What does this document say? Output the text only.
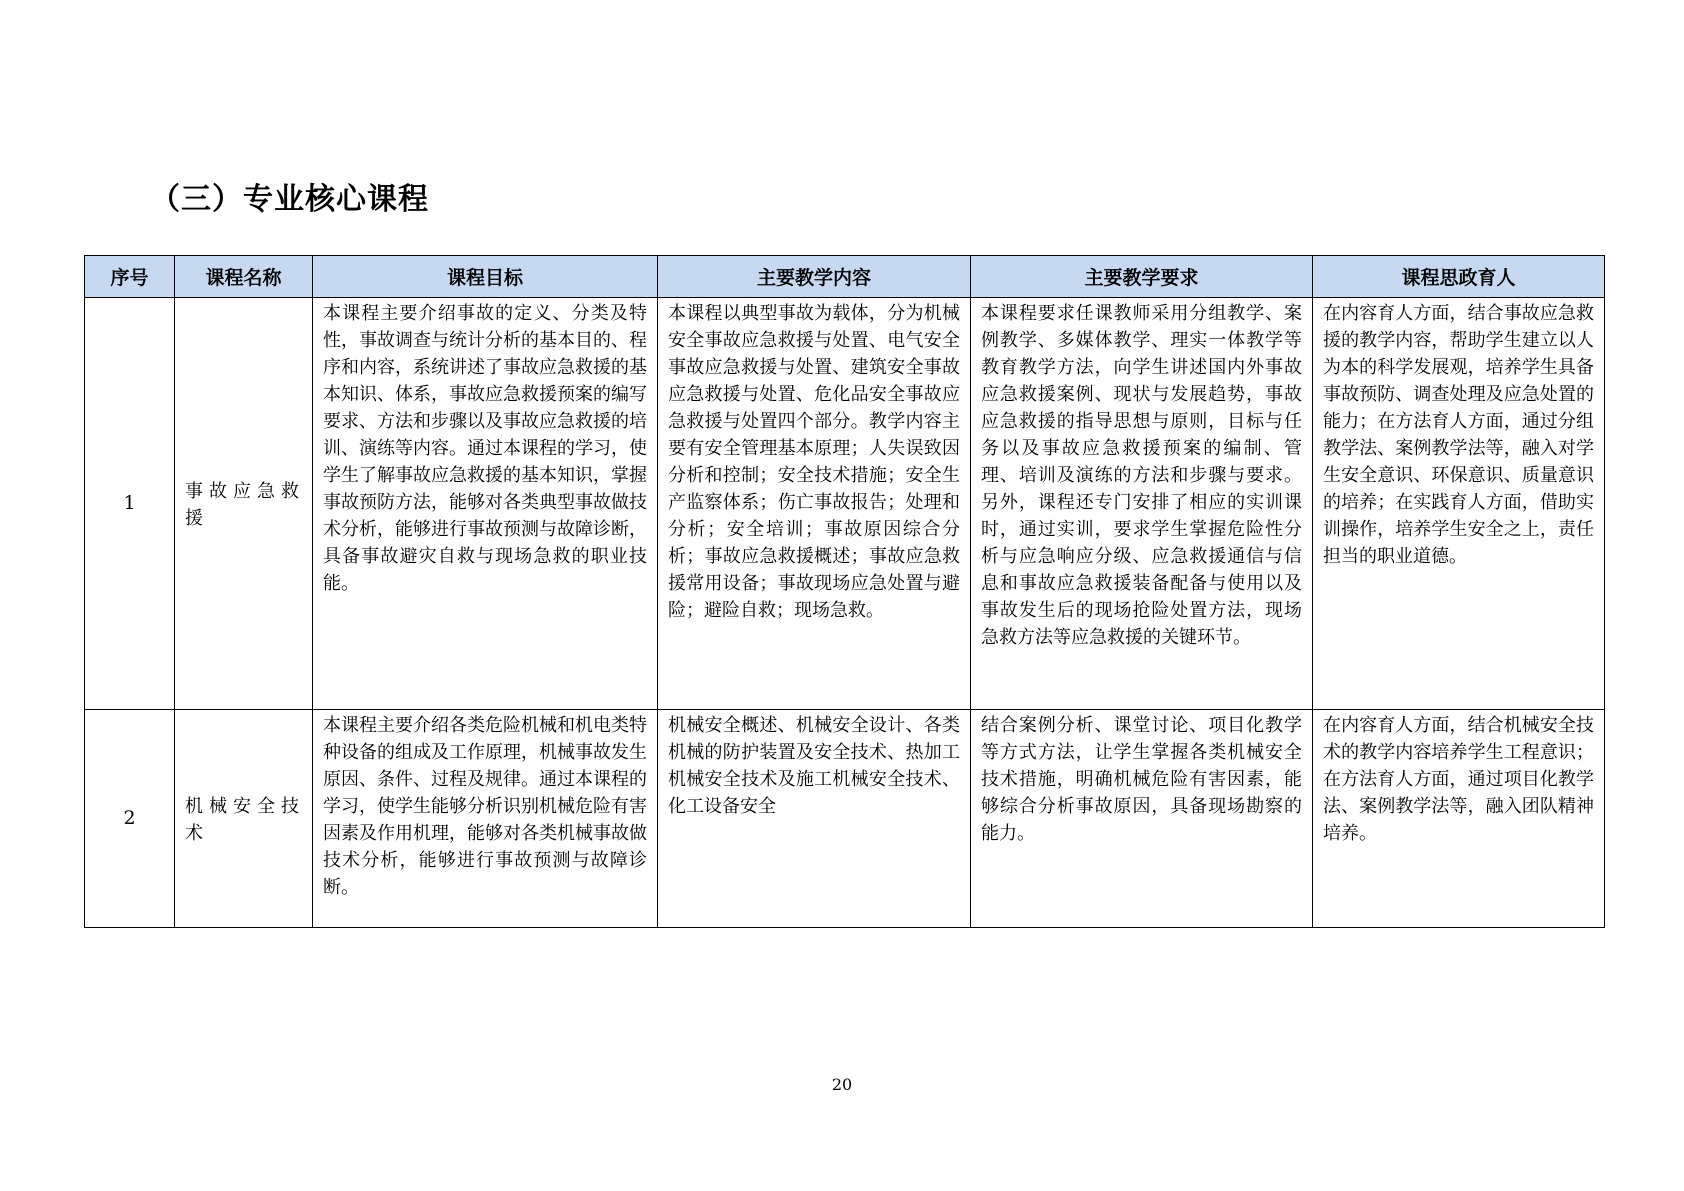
（三）专业核心课程
序号	课程名称	课程目标	主要教学内容	主要教学要求	课程思政育人
1	事故应急救援	本课程主要介绍事故的定义、分类及特性，事故调查与统计分析的基本目的、程序和内容，系统讲述了事故应急救援的基本知识、体系，事故应急救援预案的编写要求、方法和步骤以及事故应急救援的培训、演练等内容。通过本课程的学习，使学生了解事故应急救援的基本知识，掌握事故预防方法，能够对各类典型事故做技术分析，能够进行事故预测与故障诊断，具备事故避灾自救与现场急救的职业技能。	本课程以典型事故为载体，分为机械安全事故应急救援与处置、电气安全事故应急救援与处置、建筑安全事故应急救援与处置、危化品安全事故应急救援与处置四个部分。教学内容主要有安全管理基本原理；人失误致因分析和控制；安全技术措施；安全生产监察体系；伤亡事故报告；处理和分析；安全培训；事故原因综合分析；事故应急救援概述；事故应急救援常用设备；事故现场应急处置与避险；避险自救；现场急救。	本课程要求任课教师采用分组教学、案例教学、多媒体教学、理实一体教学等教育教学方法，向学生讲述国内外事故应急救援案例、现状与发展趋势，事故应急救援的指导思想与原则，目标与任务以及事故应急救援预案的编制、管理、培训及演练的方法和步骤与要求。另外，课程还专门安排了相应的实训课时，通过实训，要求学生掌握危险性分析与应急响应分级、应急救援通信与信息和事故应急救援装备配备与使用以及事故发生后的现场抢险处置方法，现场急救方法等应急救援的关键环节。	在内容育人方面，结合事故应急救援的教学内容，帮助学生建立以人为本的科学发展观，培养学生具备事故预防、调查处理及应急处置的能力；在方法育人方面，通过分组教学法、案例教学法等，融入对学生安全意识、环保意识、质量意识的培养；在实践育人方面，借助实训操作，培养学生安全之上，责任担当的职业道德。
2	机械安全技术	本课程主要介绍各类危险机械和机电类特种设备的组成及工作原理，机械事故发生原因、条件、过程及规律。通过本课程的学习，使学生能够分析识别机械危险有害因素及作用机理，能够对各类机械事故做技术分析，能够进行事故预测与故障诊断。	机械安全概述、机械安全设计、各类机械的防护装置及安全技术、热加工机械安全技术及施工机械安全技术、化工设备安全	结合案例分析、课堂讨论、项目化教学等方式方法，让学生掌握各类机械安全技术措施，明确机械危险有害因素，能够综合分析事故原因，具备现场勘察的能力。	在内容育人方面，结合机械安全技术的教学内容培养学生工程意识；在方法育人方面，通过项目化教学法、案例教学法等，融入团队精神培养。
20
